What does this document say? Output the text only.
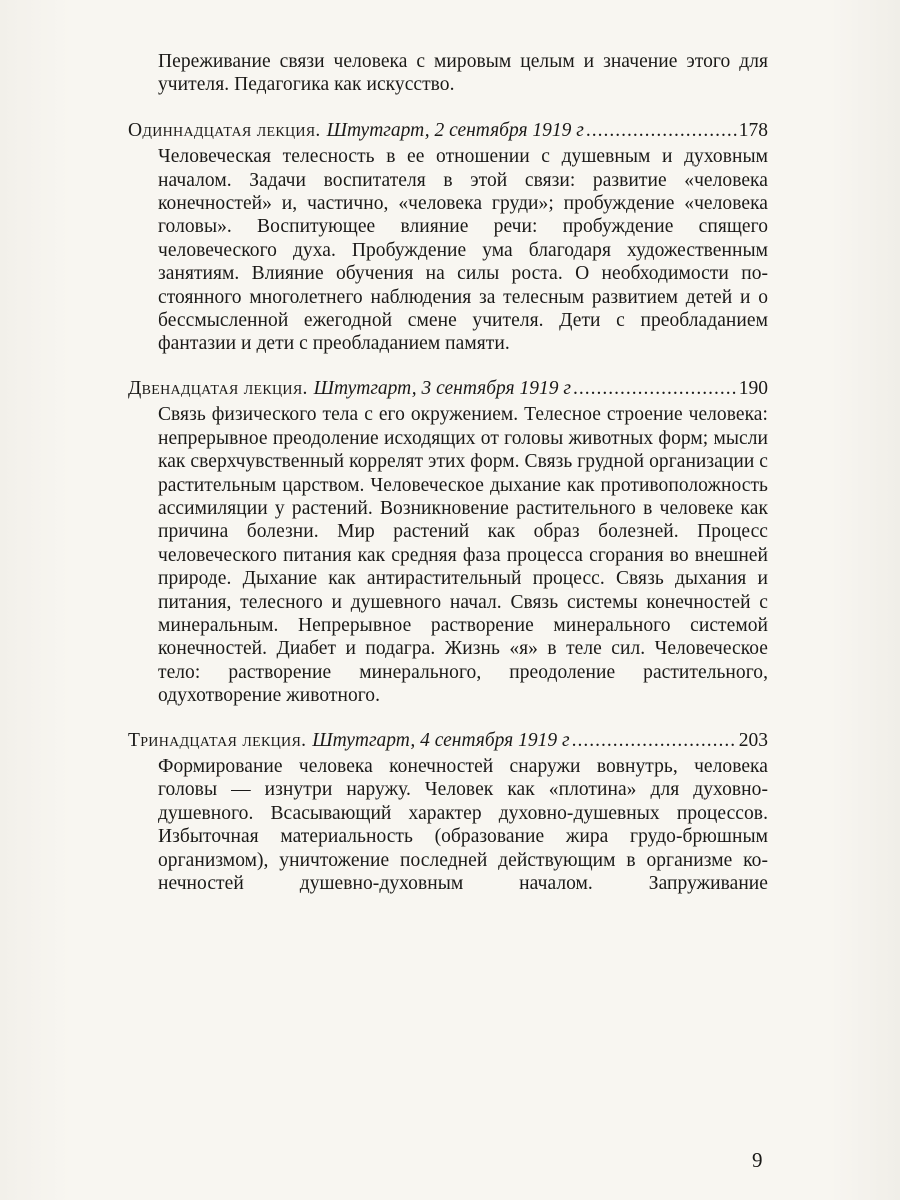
Переживание связи человека с мировым целым и значение этого для учителя. Педагогика как искусство.

Одиннадцатая лекция. Штутгарт, 2 сентября 1919 г .....	178

Человеческая телесность в ее отношении с душевным и духовным началом. Задачи воспитателя в этой связи: развитие «человека конечностей» и, частично, «человека груди»; пробуждение «человека головы». Воспитующее влияние речи: пробуждение спящего человеческого духа. Пробуждение ума благодаря художественным занятиям. Влияние обучения на силы роста. О необходимости постоянного многолетнего наблюдения за телесным развитием детей и о бессмысленной ежегодной смене учителя. Дети с преобладанием фантазии и дети с преобладанием памяти.

Двенадцатая лекция. Штутгарт, 3 сентября 1919 г .....	190

Связь физического тела с его окружением. Телесное строение человека: непрерывное преодоление исходящих от головы животных форм; мысли как сверхчувственный коррелят этих форм. Связь грудной организации с растительным царством. Человеческое дыхание как противоположность ассимиляции у растений. Возникновение растительного в человеке как причина болезни. Мир растений как образ болезней. Процесс человеческого питания как средняя фаза процесса сгорания во внешней природе. Дыхание как антирастительный процесс. Связь дыхания и питания, телесного и душевного начал. Связь системы конечностей с минеральным. Непрерывное растворение минерального системой конечностей. Диабет и подагра. Жизнь «я» в теле сил. Человеческое тело: растворение минерального, преодоление растительного, одухотворение животного.

Тринадцатая лекция. Штутгарт, 4 сентября 1919 г .....	203

Формирование человека конечностей снаружи вовнутрь, человека головы — изнутри наружу. Человек как «плотина» для духовно-душевного. Всасывающий характер духовно-душевных процессов. Избыточная материальность (образование жира грудо-брюшным организмом), уничтожение последней действующим в организме конечностей душевно-духовным началом. Запруживание

9
